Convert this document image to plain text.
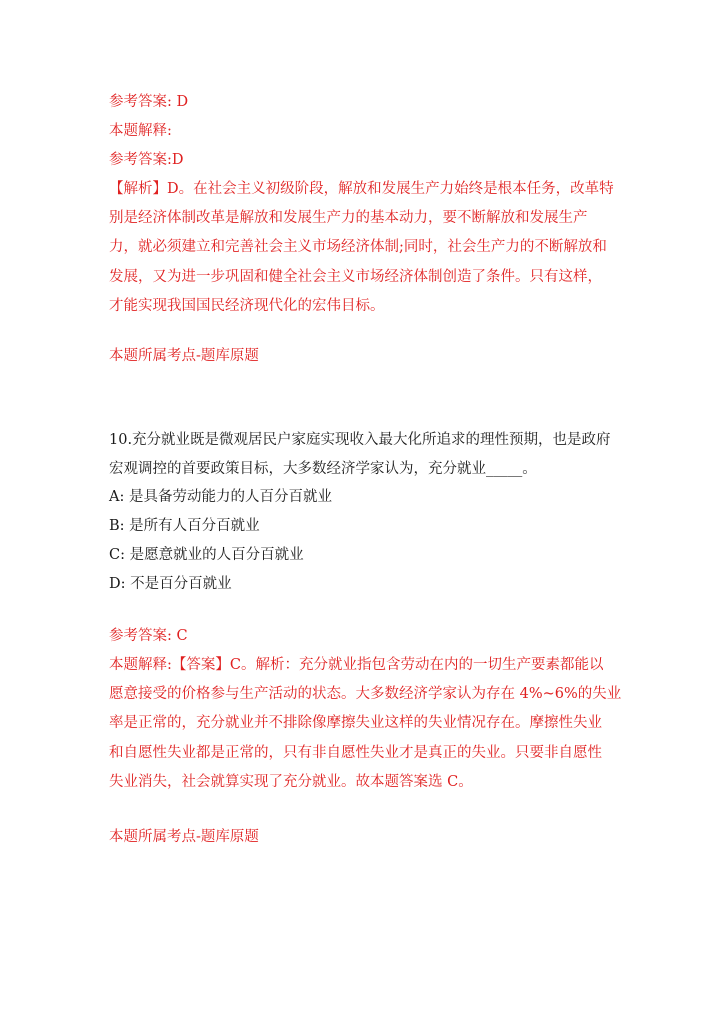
参考答案: D
本题解释:
参考答案:D
【解析】D。在社会主义初级阶段，解放和发展生产力始终是根本任务，改革特
别是经济体制改革是解放和发展生产力的基本动力，要不断解放和发展生产
力，就必须建立和完善社会主义市场经济体制;同时，社会生产力的不断解放和
发展，又为进一步巩固和健全社会主义市场经济体制创造了条件。只有这样，
才能实现我国国民经济现代化的宏伟目标。
本题所属考点-题库原题
10.充分就业既是微观居民户家庭实现收入最大化所追求的理性预期，也是政府
宏观调控的首要政策目标，大多数经济学家认为，充分就业_____。
A: 是具备劳动能力的人百分百就业
B: 是所有人百分百就业
C: 是愿意就业的人百分百就业
D: 不是百分百就业
参考答案: C
本题解释:【答案】C。解析：充分就业指包含劳动在内的一切生产要素都能以
愿意接受的价格参与生产活动的状态。大多数经济学家认为存在 4%~6%的失业
率是正常的，充分就业并不排除像摩擦失业这样的失业情况存在。摩擦性失业
和自愿性失业都是正常的，只有非自愿性失业才是真正的失业。只要非自愿性
失业消失，社会就算实现了充分就业。故本题答案选 C。
本题所属考点-题库原题
